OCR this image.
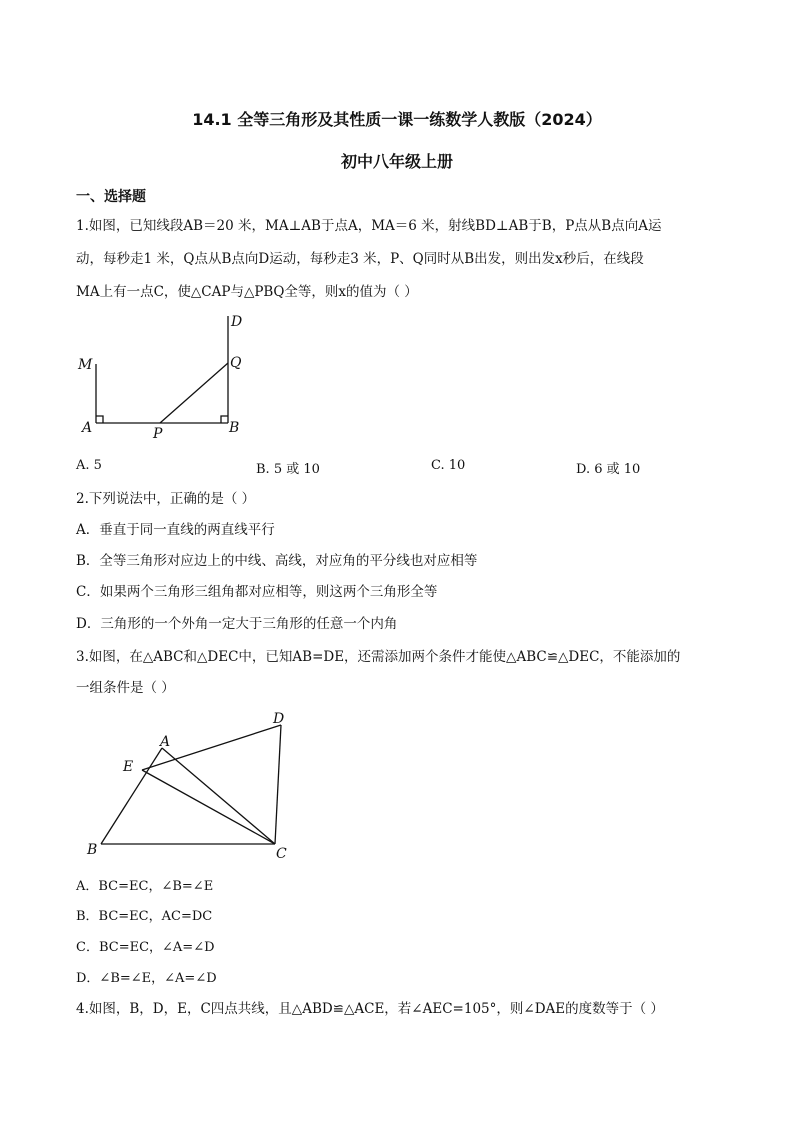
14.1 全等三角形及其性质一课一练数学人教版（2024）
初中八年级上册
一、选择题
1.如图，已知线段AB＝20 米，MA⊥AB于点A，MA＝6 米，射线BD⊥AB于B，P点从B点向A运
动，每秒走1 米，Q点从B点向D运动，每秒走3 米，P、Q同时从B出发，则出发x秒后，在线段
MA上有一点C，使△CAP与△PBQ全等，则x的值为（ ）
D
M	Q
A	P	B
A. 5	B. 5 或 10	C. 10	D. 6 或 10
2.下列说法中，正确的是（ ）
A．垂直于同一直线的两直线平行
B．全等三角形对应边上的中线、高线，对应角的平分线也对应相等
C．如果两个三角形三组角都对应相等，则这两个三角形全等
D．三角形的一个外角一定大于三角形的任意一个内角
3.如图，在△ABC和△DEC中，已知AB=DE，还需添加两个条件才能使△ABC≌△DEC，不能添加的
一组条件是（ ）
D
A
E
B	C
A．BC=EC，∠B=∠E
B．BC=EC，AC=DC
C．BC=EC，∠A=∠D
D．∠B=∠E，∠A=∠D
4.如图，B，D，E，C四点共线，且△ABD≌△ACE，若∠AEC=105°，则∠DAE的度数等于（ ）
